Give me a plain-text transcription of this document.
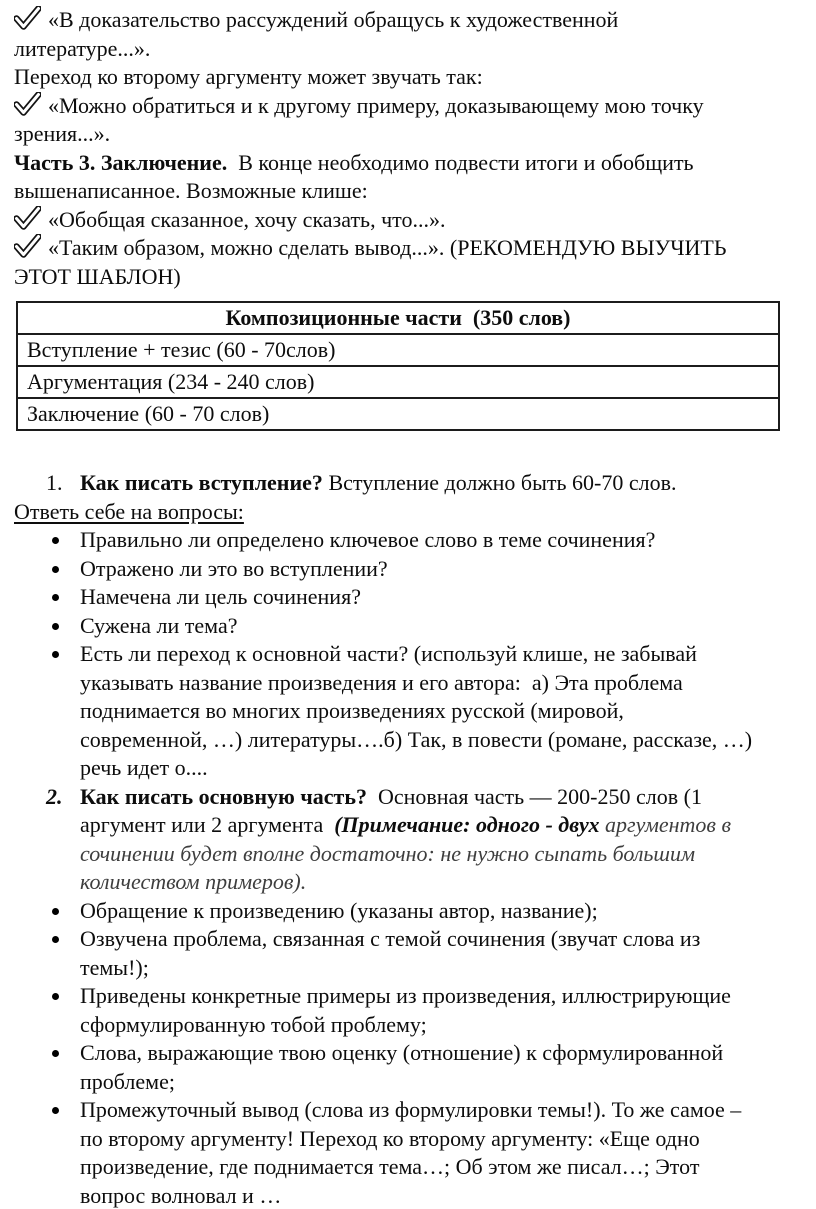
«В доказательство рассуждений обращусь к художественной
литературе...».

Переход ко второму аргументу может звучать так:

«Можно обратиться и к другому примеру, доказывающему мою точку
зрения...».

Часть 3. Заключение.  В конце необходимо подвести итоги и обобщить
вышенаписанное. Возможные клише:

«Обобщая сказанное, хочу сказать, что...».

«Таким образом, можно сделать вывод...». (РЕКОМЕНДУЮ ВЫУЧИТЬ
ЭТОТ ШАБЛОН)

Композиционные части  (350 слов)
Вступление + тезис (60 - 70слов)
Аргументация (234 - 240 слов)
Заключение (60 - 70 слов)
1. Как писать вступление? Вступление должно быть 60-70 слов.

Ответь себе на вопросы:

Правильно ли определено ключевое слово в теме сочинения?
Отражено ли это во вступлении?
Намечена ли цель сочинения?
Сужена ли тема?
Есть ли переход к основной части? (используй клише, не забывай
указывать название произведения и его автора:  а) Эта проблема
поднимается во многих произведениях русской (мировой,
современной, …) литературы….б) Так, в повести (романе, рассказе, …)
речь идет о....
2. Как писать основную часть?  Основная часть — 200-250 слов (1
аргумент или 2 аргумента  (Примечание: одного - двух аргументов в
сочинении будет вполне достаточно: не нужно сыпать большим
количеством примеров).
Обращение к произведению (указаны автор, название);
Озвучена проблема, связанная с темой сочинения (звучат слова из
темы!);
Приведены конкретные примеры из произведения, иллюстрирующие
сформулированную тобой проблему;
Слова, выражающие твою оценку (отношение) к сформулированной
проблеме;
Промежуточный вывод (слова из формулировки темы!). То же самое –
по второму аргументу! Переход ко второму аргументу: «Еще одно
произведение, где поднимается тема…; Об этом же писал…; Этот
вопрос волновал и …
